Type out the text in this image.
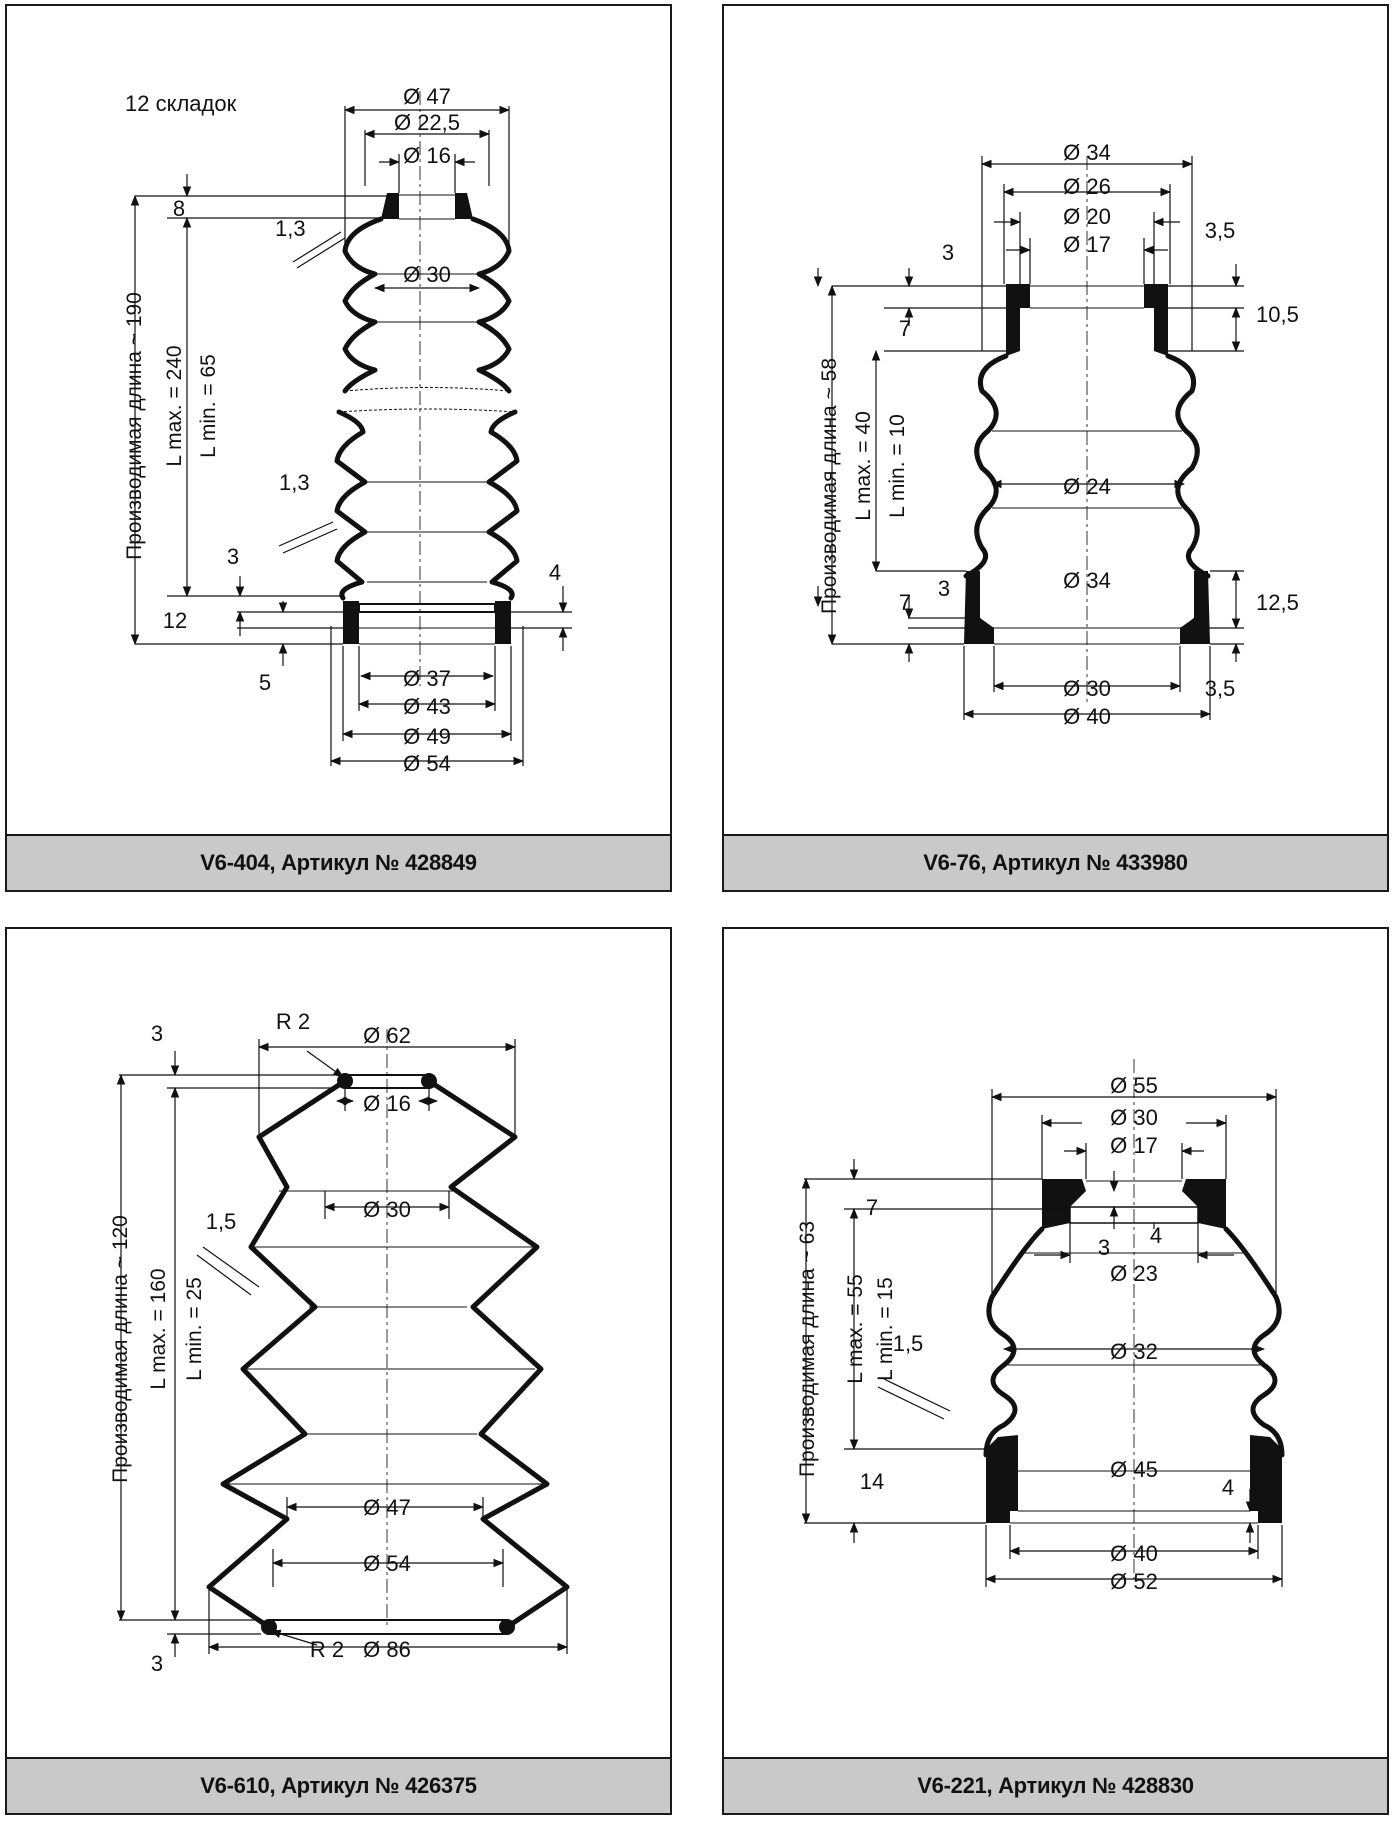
12 складок	Ø 47
Ø 22,5
Ø 16
Ø 30
8
1,3
1,3
3
12
5
4
Ø 37
Ø 43
Ø 49
Ø 54
Производимая длина ~ 190 L max. = 240 L min. = 65
V6-404, Артикул № 428849
Ø 34
Ø 26
Ø 20
Ø 17
Ø 24
Ø 34
Ø 30
Ø 40
3
7
3,5
10,5
3
7	12,5
3,5
Производимая длина ~ 58 L max. = 40 L min. = 10
V6-76, Артикул № 433980
3	R 2
Ø 62
Ø 16
1,5	Ø 30
Ø 47
Ø 54
R 2 Ø 86
3
Производимая длина ~ 120 L max. = 160 L min. = 25
V6-610, Артикул № 426375
Ø 55
Ø 30
Ø 17
7
3 4
Ø 23
1,5	Ø 32
14	Ø 45
4
Ø 40
Ø 52
Производимая длина ~ 63 L max. = 55 L min. = 15
V6-221, Артикул № 428830
